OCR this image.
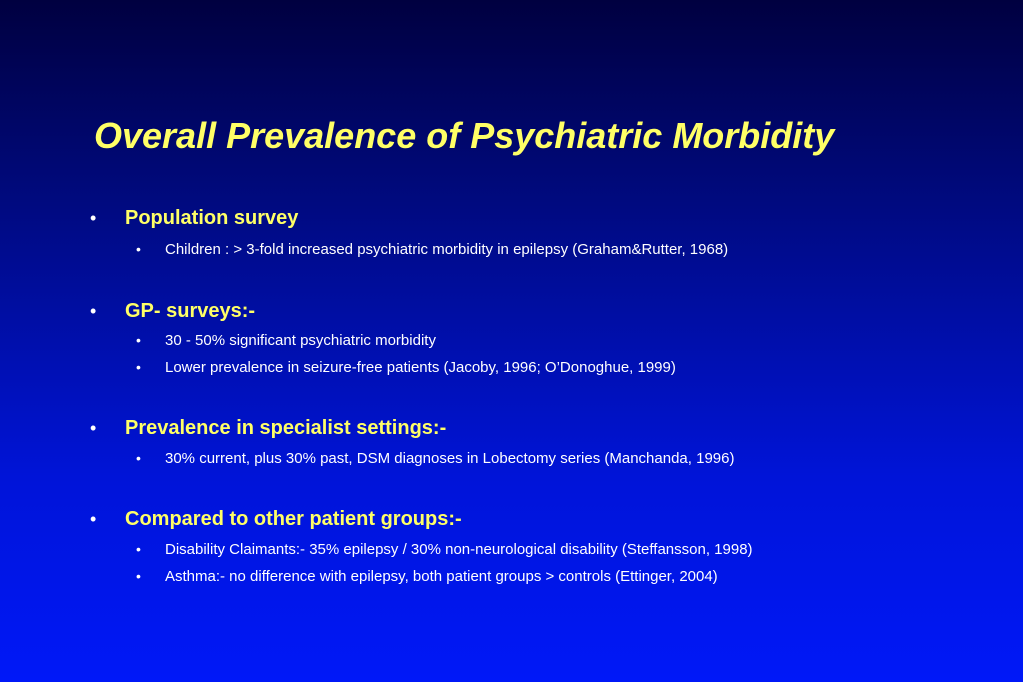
Overall Prevalence of Psychiatric Morbidity
• Population survey
• Children : > 3-fold increased psychiatric morbidity in epilepsy (Graham&Rutter, 1968)
• GP- surveys:-
• 30 - 50% significant psychiatric morbidity
• Lower prevalence in seizure-free patients (Jacoby, 1996; O’Donoghue, 1999)
• Prevalence in specialist settings:-
• 30% current, plus 30% past, DSM diagnoses in Lobectomy series (Manchanda, 1996)
• Compared to other patient groups:-
• Disability Claimants:- 35% epilepsy / 30% non-neurological disability (Steffansson, 1998)
• Asthma:- no difference with epilepsy, both patient groups > controls (Ettinger, 2004)
